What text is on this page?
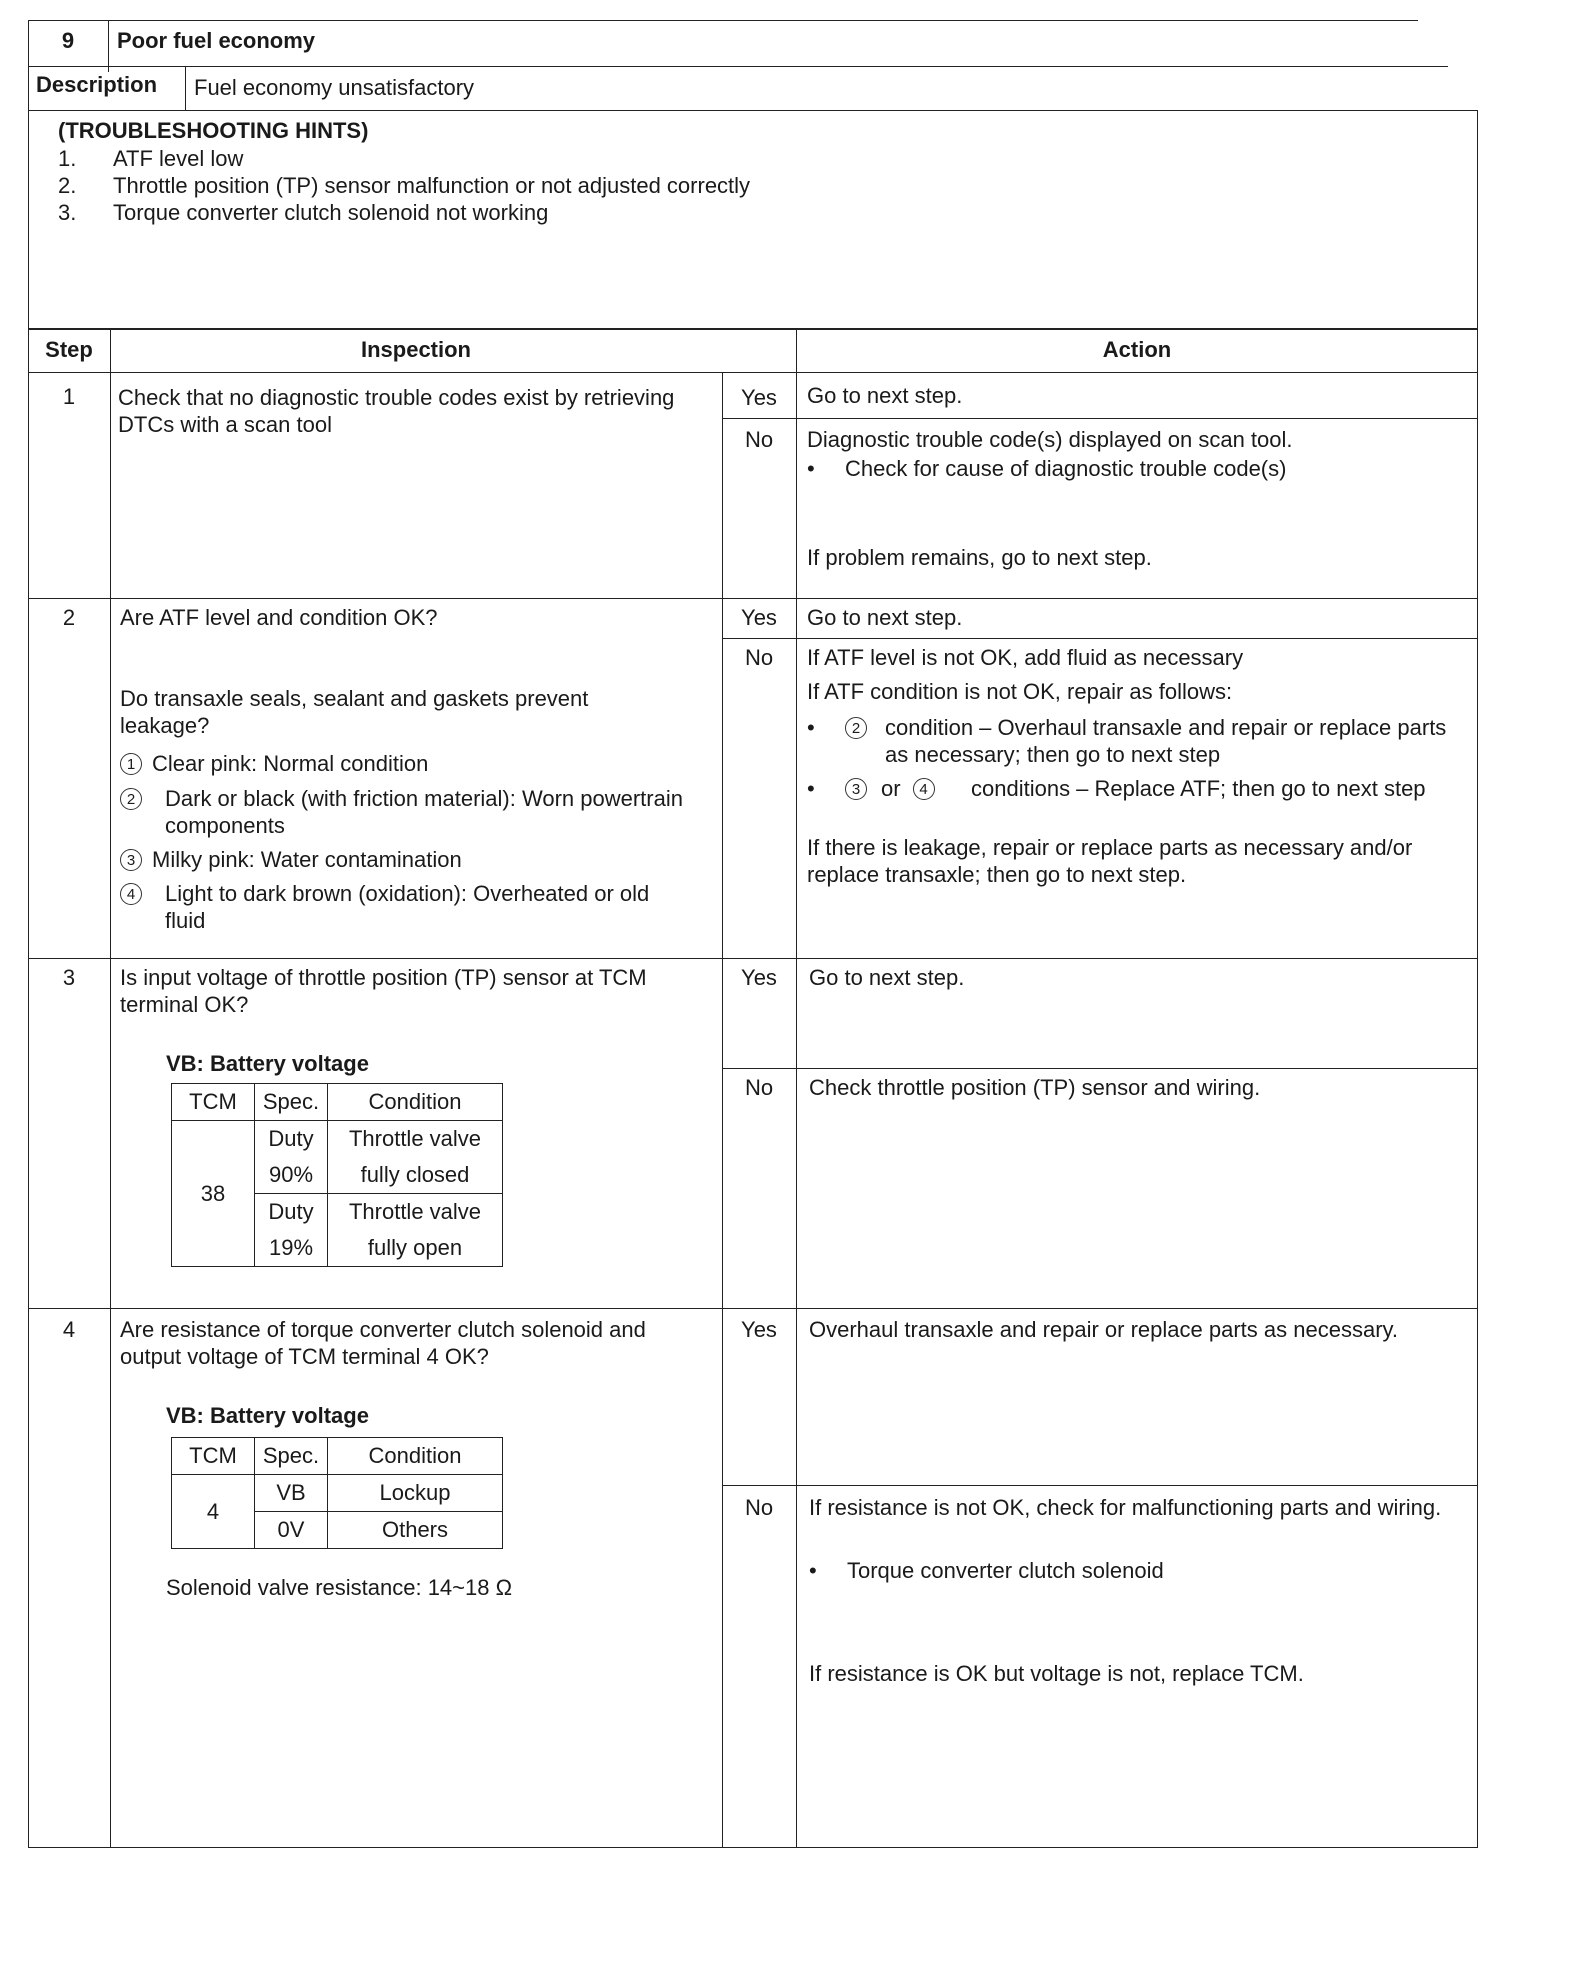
9	Poor fuel economy
Description Fuel economy unsatisfactory
(TROUBLESHOOTING HINTS)
1. ATF level low
2. Throttle position (TP) sensor malfunction or not adjusted correctly
3. Torque converter clutch solenoid not working
Step	Inspection	Action
1	Check that no diagnostic trouble codes exist by retrieving DTCs with a scan tool
Yes	Go to next step.
No	Diagnostic trouble code(s) displayed on scan tool.
• Check for cause of diagnostic trouble code(s)
If problem remains, go to next step.
2	Are ATF level and condition OK?
Do transaxle seals, sealant and gaskets prevent leakage?
1 Clear pink: Normal condition
2	Dark or black (with friction material): Worn powertrain components
3 Milky pink: Water contamination
4	Light to dark brown (oxidation): Overheated or old fluid
Yes	Go to next step.
No	If ATF level is not OK, add fluid as necessary
If ATF condition is not OK, repair as follows:
• 2	condition – Overhaul transaxle and repair or replace parts as necessary; then go to next step
• 3 or 4	conditions – Replace ATF; then go to next step
If there is leakage, repair or replace parts as necessary and/or replace transaxle; then go to next step.
3	Is input voltage of throttle position (TP) sensor at TCM terminal OK?
VB: Battery voltage
TCM	Spec.	Condition
38	Duty	Throttle valve
	90%	fully closed
	Duty	Throttle valve
	19%	fully open
Yes	Go to next step.
No	Check throttle position (TP) sensor and wiring.
4	Are resistance of torque converter clutch solenoid and output voltage of TCM terminal 4 OK?
VB: Battery voltage
TCM	Spec.	Condition
4	VB	Lockup
	0V	Others
Solenoid valve resistance: 14~18 Ω
Yes	Overhaul transaxle and repair or replace parts as necessary.
No	If resistance is not OK, check for malfunctioning parts and wiring.
• Torque converter clutch solenoid
If resistance is OK but voltage is not, replace TCM.
